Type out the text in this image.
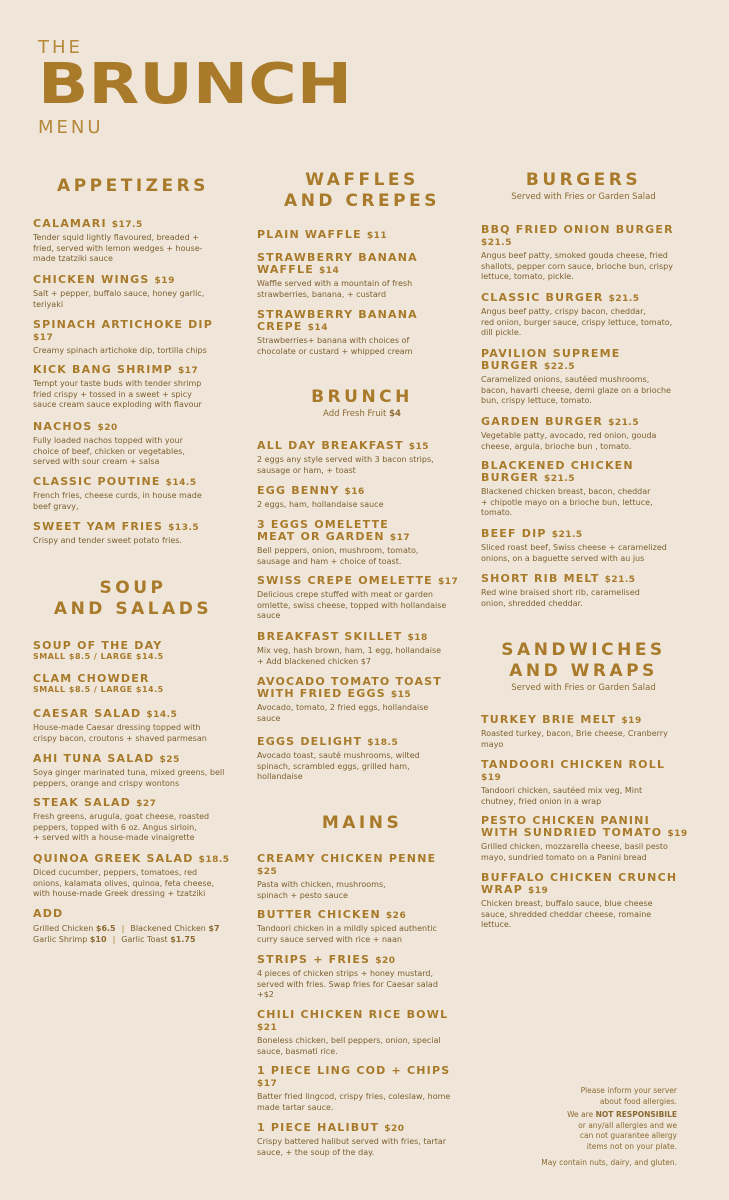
THE
BRUNCH
MENU
APPETIZERS
CALAMARI $17.5
Tender squid lightly flavoured, breaded +
fried, served with lemon wedges + house-
made tzatziki sauce
CHICKEN WINGS $19
Salt + pepper, buffalo sauce, honey garlic,
teriyaki
SPINACH ARTICHOKE DIP
$17
Creamy spinach artichoke dip, tortilla chips
KICK BANG SHRIMP $17
Tempt your taste buds with tender shrimp
fried crispy + tossed in a sweet + spicy
sauce cream sauce exploding with flavour
NACHOS $20
Fully loaded nachos topped with your
choice of beef, chicken or vegetables,
served with sour cream + salsa
CLASSIC POUTINE $14.5
French fries, cheese curds, in house made
beef gravy,
SWEET YAM FRIES $13.5
Crispy and tender sweet potato fries.
SOUP
AND SALADS
SOUP OF THE DAY
SMALL $8.5 / LARGE $14.5
CLAM CHOWDER
SMALL $8.5 / LARGE $14.5
CAESAR SALAD $14.5
House-made Caesar dressing topped with
crispy bacon, croutons + shaved parmesan
AHI TUNA SALAD $25
Soya ginger marinated tuna, mixed greens, bell
peppers, orange and crispy wontons
STEAK SALAD $27
Fresh greens, arugula, goat cheese, roasted
peppers, topped with 6 oz. Angus sirloin,
+ served with a house-made vinaigrette
QUINOA GREEK SALAD $18.5
Diced cucumber, peppers, tomatoes, red
onions, kalamata olives, quinoa, feta cheese,
with house-made Greek dressing + tzatziki
ADD
Grilled Chicken $6.5 | Blackened Chicken $7
Garlic Shrimp $10 | Garlic Toast $1.75
WAFFLES
AND CREPES
PLAIN WAFFLE $11
STRAWBERRY BANANA
WAFFLE $14
Waffle served with a mountain of fresh
strawberries, banana, + custard
STRAWBERRY BANANA
CREPE $14
Strawberries+ banana with choices of
chocolate or custard + whipped cream
BRUNCH
Add Fresh Fruit $4
ALL DAY BREAKFAST $15
2 eggs any style served with 3 bacon strips,
sausage or ham, + toast
EGG BENNY $16
2 eggs, ham, hollandaise sauce
3 EGGS OMELETTE
MEAT OR GARDEN $17
Bell peppers, onion, mushroom, tomato,
sausage and ham + choice of toast.
SWISS CREPE OMELETTE $17
Delicious crepe stuffed with meat or garden
omlette, swiss cheese, topped with hollandaise
sauce
BREAKFAST SKILLET $18
Mix veg, hash brown, ham, 1 egg, hollandaise
+ Add blackened chicken $7
AVOCADO TOMATO TOAST
WITH FRIED EGGS $15
Avocado, tomato, 2 fried eggs, hollandaise
sauce
EGGS DELIGHT $18.5
Avocado toast, sauté mushrooms, wilted
spinach, scrambled eggs, grilled ham,
hollandaise
MAINS
CREAMY CHICKEN PENNE
$25
Pasta with chicken, mushrooms,
spinach + pesto sauce
BUTTER CHICKEN $26
Tandoori chicken in a mildly spiced authentic
curry sauce served with rice + naan
STRIPS + FRIES $20
4 pieces of chicken strips + honey mustard,
served with fries. Swap fries for Caesar salad
+$2
CHILI CHICKEN RICE BOWL
$21
Boneless chicken, bell peppers, onion, special
sauce, basmati rice.
1 PIECE LING COD + CHIPS
$17
Batter fried lingcod, crispy fries, coleslaw, home
made tartar sauce.
1 PIECE HALIBUT $20
Crispy battered halibut served with fries, tartar
sauce, + the soup of the day.
BURGERS
Served with Fries or Garden Salad
BBQ FRIED ONION BURGER
$21.5
Angus beef patty, smoked gouda cheese, fried
shallots, pepper corn sauce, brioche bun, crispy
lettuce, tomato, pickle.
CLASSIC BURGER $21.5
Angus beef patty, crispy bacon, cheddar,
red onion, burger sauce, crispy lettuce, tomato,
dill pickle.
PAVILION SUPREME
BURGER $22.5
Caramelized onions, sautéed mushrooms,
bacon, havarti cheese, demi glaze on a brioche
bun, crispy lettuce, tomato.
GARDEN BURGER $21.5
Vegetable patty, avocado, red onion, gouda
cheese, argula, brioche bun , tomato.
BLACKENED CHICKEN
BURGER $21.5
Blackened chicken breast, bacon, cheddar
+ chipotle mayo on a brioche bun, lettuce,
tomato.
BEEF DIP $21.5
Sliced roast beef, Swiss cheese + caramelized
onions, on a baguette served with au jus
SHORT RIB MELT $21.5
Red wine braised short rib, caramelised
onion, shredded cheddar.
SANDWICHES
AND WRAPS
Served with Fries or Garden Salad
TURKEY BRIE MELT $19
Roasted turkey, bacon, Brie cheese, Cranberry
mayo
TANDOORI CHICKEN ROLL
$19
Tandoori chicken, sautéed mix veg, Mint
chutney, fried onion in a wrap
PESTO CHICKEN PANINI
WITH SUNDRIED TOMATO $19
Grilled chicken, mozzarella cheese, basil pesto
mayo, sundried tomato on a Panini bread
BUFFALO CHICKEN CRUNCH
WRAP $19
Chicken breast, buffalo sauce, blue cheese
sauce, shredded cheddar cheese, romaine
lettuce.
Please inform your server
about food allergies.
We are NOT RESPONSIBILE
or any/all allergies and we
can not guarantee allergy
items not on your plate.
May contain nuts, dairy, and gluten.
